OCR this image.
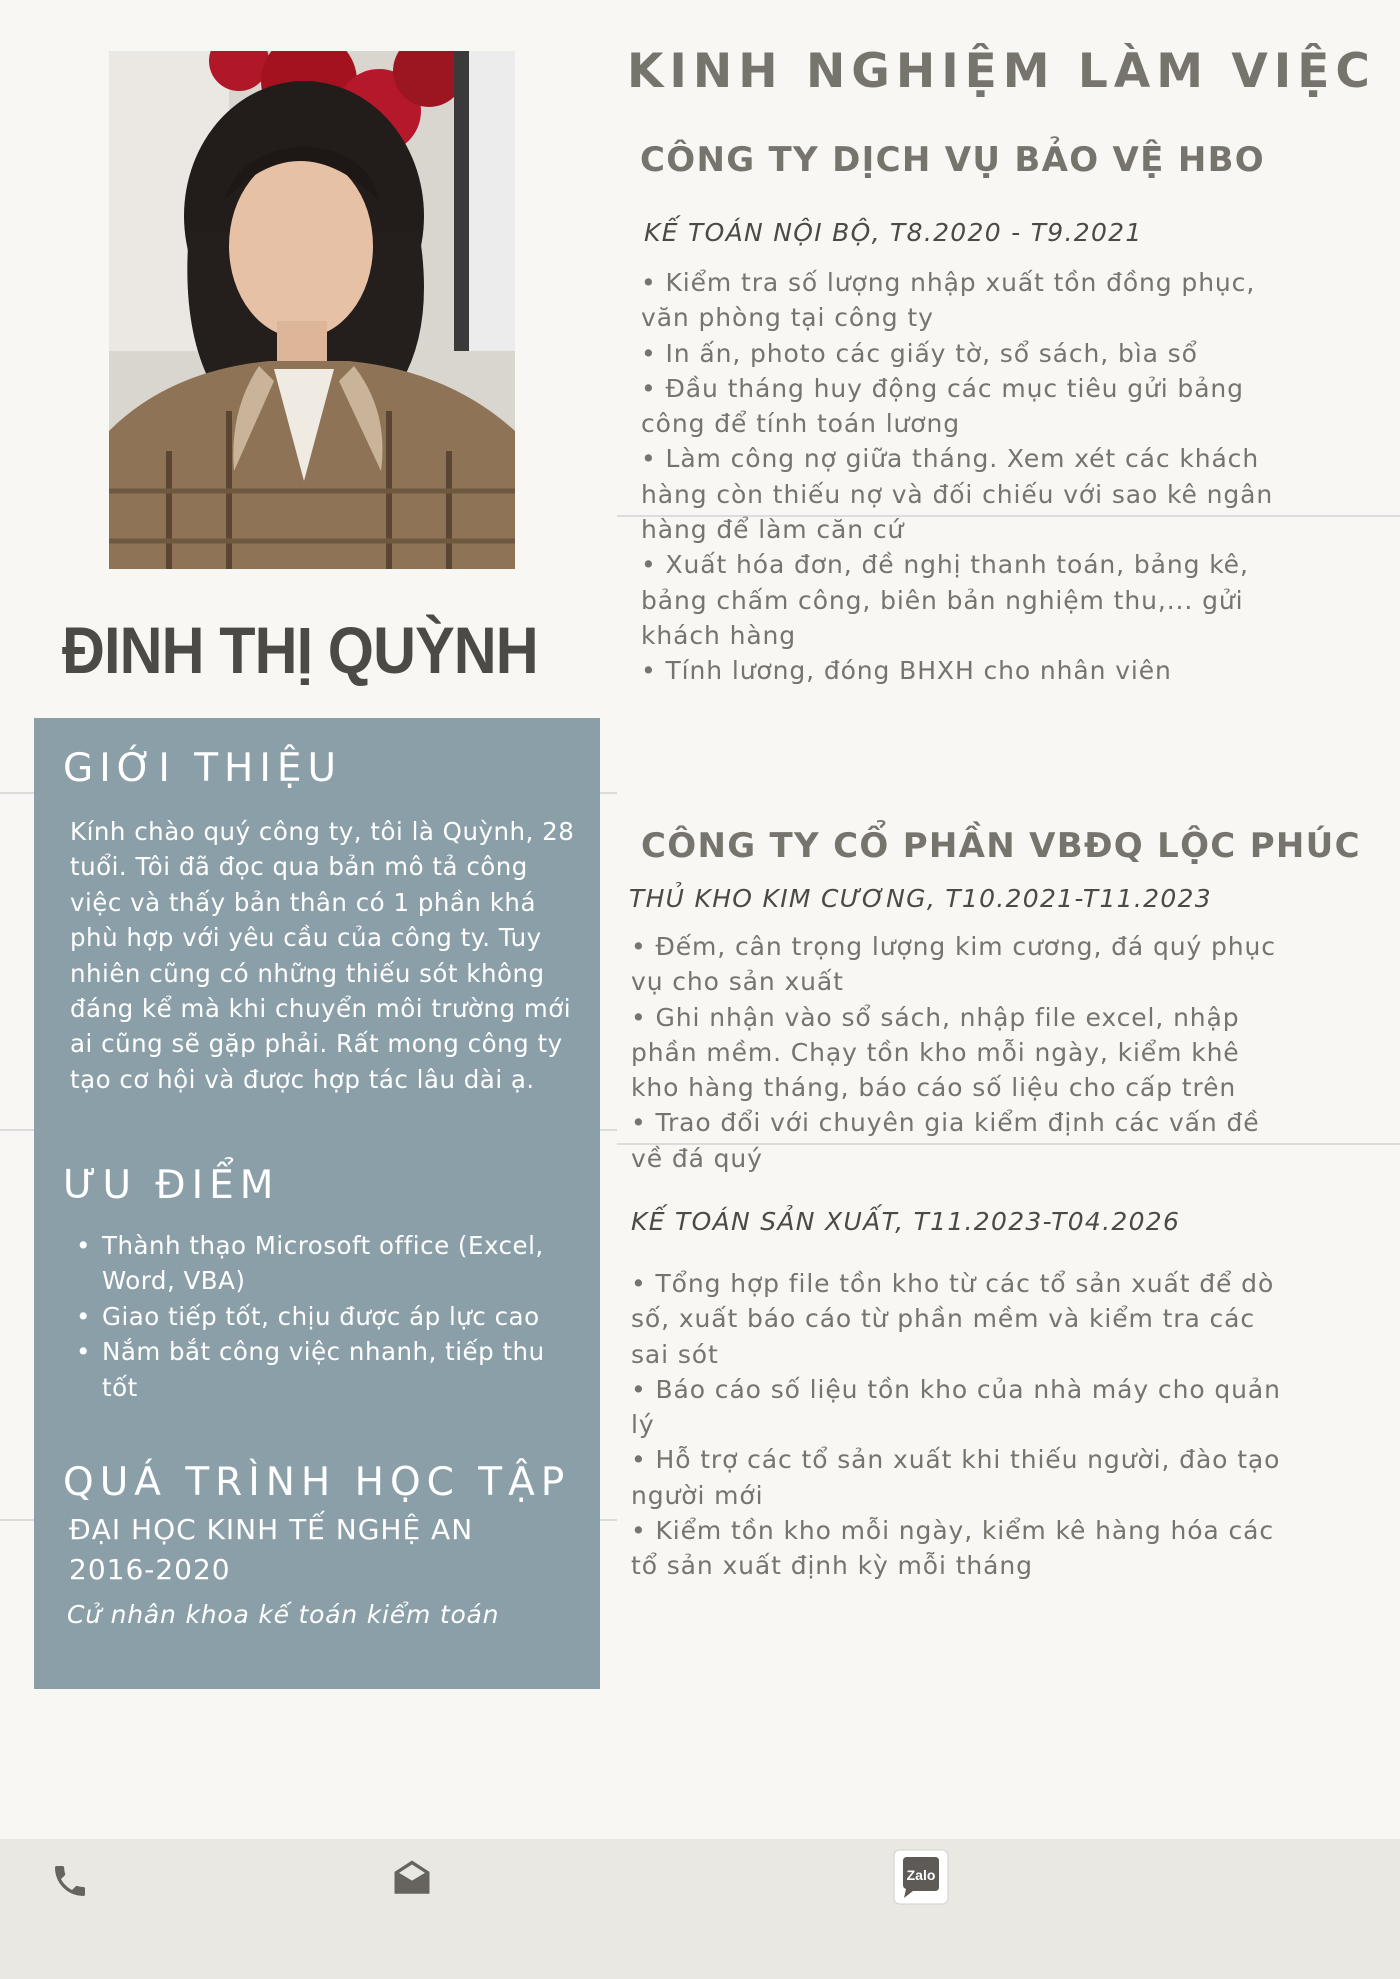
ĐINH THỊ QUỲNH
GIỚI THIỆU
Kính chào quý công ty, tôi là Quỳnh, 28 tuổi. Tôi đã đọc qua bản mô tả công việc và thấy bản thân có 1 phần khá phù hợp với yêu cầu của công ty. Tuy nhiên cũng có những thiếu sót không đáng kể mà khi chuyển môi trường mới ai cũng sẽ gặp phải. Rất mong công ty tạo cơ hội và được hợp tác lâu dài ạ.
ƯU ĐIỂM
• Thành thạo Microsoft office (Excel, Word, VBA)
• Giao tiếp tốt, chịu được áp lực cao
• Nắm bắt công việc nhanh, tiếp thu tốt
QUÁ TRÌNH HỌC TẬP
ĐẠI HỌC KINH TẾ NGHỆ AN 2016-2020
Cử nhân khoa kế toán kiểm toán
KINH NGHIỆM LÀM VIỆC
CÔNG TY DỊCH VỤ BẢO VỆ HBO
KẾ TOÁN NỘI BỘ, T8.2020 - T9.2021
• Kiểm tra số lượng nhập xuất tồn đồng phục, văn phòng tại công ty
• In ấn, photo các giấy tờ, sổ sách, bìa sổ
• Đầu tháng huy động các mục tiêu gửi bảng công để tính toán lương
• Làm công nợ giữa tháng. Xem xét các khách hàng còn thiếu nợ và đối chiếu với sao kê ngân hàng để làm căn cứ
• Xuất hóa đơn, đề nghị thanh toán, bảng kê, bảng chấm công, biên bản nghiệm thu,... gửi khách hàng
• Tính lương, đóng BHXH cho nhân viên
CÔNG TY CỔ PHẦN VBĐQ LỘC PHÚC
THỦ KHO KIM CƯƠNG, T10.2021-T11.2023
• Đếm, cân trọng lượng kim cương, đá quý phục vụ cho sản xuất
• Ghi nhận vào sổ sách, nhập file excel, nhập phần mềm. Chạy tồn kho mỗi ngày, kiểm khê kho hàng tháng, báo cáo số liệu cho cấp trên
• Trao đổi với chuyên gia kiểm định các vấn đề về đá quý
KẾ TOÁN SẢN XUẤT, T11.2023-T04.2026
• Tổng hợp file tồn kho từ các tổ sản xuất để dò số, xuất báo cáo từ phần mềm và kiểm tra các sai sót
• Báo cáo số liệu tồn kho của nhà máy cho quản lý
• Hỗ trợ các tổ sản xuất khi thiếu người, đào tạo người mới
• Kiểm tồn kho mỗi ngày, kiểm kê hàng hóa các tổ sản xuất định kỳ mỗi tháng
Zalo
